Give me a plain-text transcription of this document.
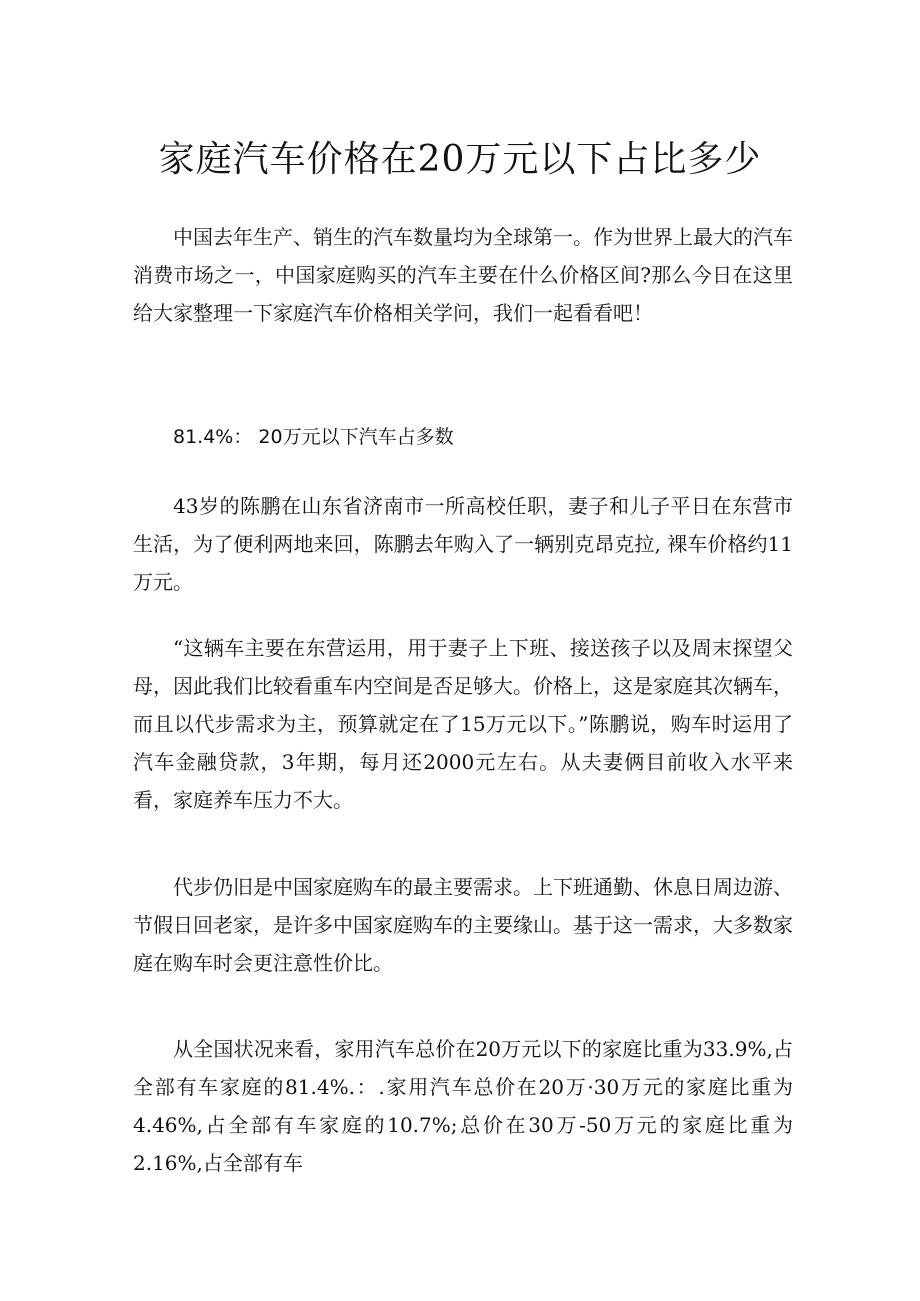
家庭汽车价格在20万元以下占比多少

中国去年生产、销生的汽车数量均为全球第一。作为世界上最大的汽车消费市场之一，中国家庭购买的汽车主要在什么价格区间?那么今日在这里给大家整理一下家庭汽车价格相关学问，我们一起看看吧！

81.4%： 20万元以下汽车占多数

43岁的陈鹏在山东省济南市一所高校任职，妻子和儿子平日在东营市生活，为了便利两地来回，陈鹏去年购入了一辆别克昂克拉, 裸车价格约11万元。

“这辆车主要在东营运用，用于妻子上下班、接送孩子以及周末探望父母，因此我们比较看重车内空间是否足够大。价格上，这是家庭其次辆车，而且以代步需求为主，预算就定在了15万元以下。”陈鹏说，购车时运用了汽车金融贷款，3年期，每月还2000元左右。从夫妻俩目前收入水平来看，家庭养车压力不大。

代步仍旧是中国家庭购车的最主要需求。上下班通勤、休息日周边游、节假日回老家，是许多中国家庭购车的主要缘山。基于这一需求，大多数家庭在购车时会更注意性价比。

从全国状况来看，家用汽车总价在20万元以下的家庭比重为33.9%,占全部有车家庭的81.4%.：.家用汽车总价在20万·30万元的家庭比重为4.46%,占全部有车家庭的10.7%;总价在30万-50万元的家庭比重为2.16%,占全部有车
